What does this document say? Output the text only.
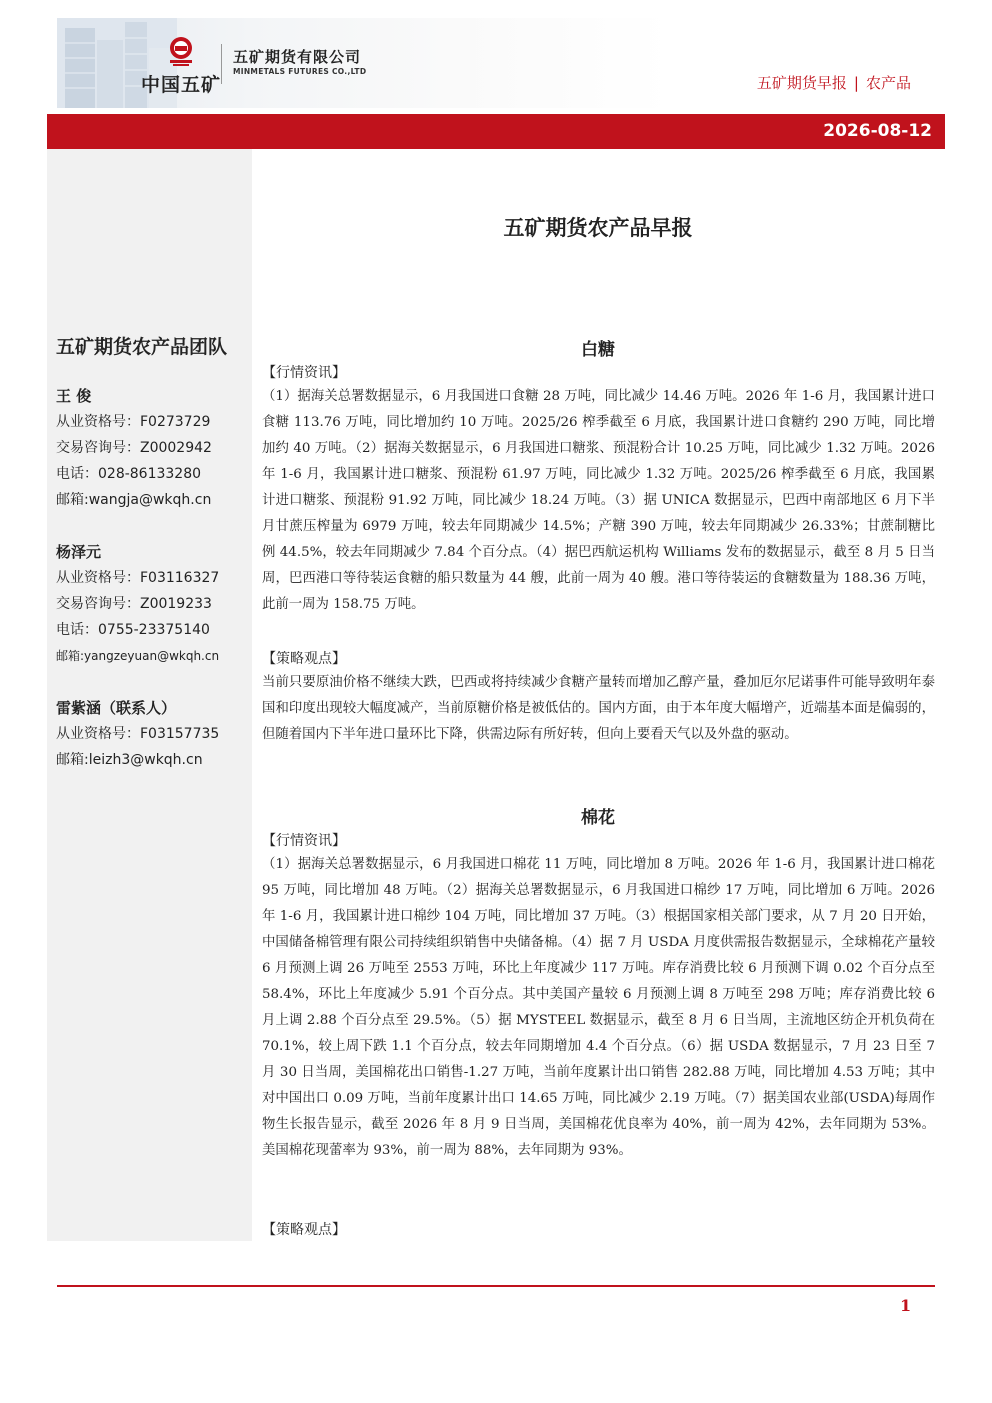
中国五矿
五矿期货有限公司
MINMETALS FUTURES CO.,LTD
五矿期货早报 | 农产品
2026-08-12
五矿期货农产品团队
王 俊
从业资格号：F0273729
交易咨询号：Z0002942
电话：028-86133280
邮箱:wangja@wkqh.cn
杨泽元
从业资格号：F03116327
交易咨询号：Z0019233
电话：0755-23375140
邮箱:yangzeyuan@wkqh.cn
雷紫涵（联系人）
从业资格号：F03157735
邮箱:leizh3@wkqh.cn
五矿期货农产品早报
白糖
【行情资讯】
（1）据海关总署数据显示，6 月我国进口食糖 28 万吨，同比减少 14.46 万吨。2026 年 1-6 月，我国累计进口食糖 113.76 万吨，同比增加约 10 万吨。2025/26 榨季截至 6 月底，我国累计进口食糖约 290 万吨，同比增加约 40 万吨。（2）据海关数据显示，6 月我国进口糖浆、预混粉合计 10.25 万吨，同比减少 1.32 万吨。2026 年 1-6 月，我国累计进口糖浆、预混粉 61.97 万吨，同比减少 1.32 万吨。2025/26 榨季截至 6 月底，我国累计进口糖浆、预混粉 91.92 万吨，同比减少 18.24 万吨。（3）据 UNICA 数据显示，巴西中南部地区 6 月下半月甘蔗压榨量为 6979 万吨，较去年同期减少 14.5%；产糖 390 万吨，较去年同期减少 26.33%；甘蔗制糖比例 44.5%，较去年同期减少 7.84 个百分点。（4）据巴西航运机构 Williams 发布的数据显示，截至 8 月 5 日当周，巴西港口等待装运食糖的船只数量为 44 艘，此前一周为 40 艘。港口等待装运的食糖数量为 188.36 万吨，此前一周为 158.75 万吨。
【策略观点】
当前只要原油价格不继续大跌，巴西或将持续减少食糖产量转而增加乙醇产量，叠加厄尔尼诺事件可能导致明年泰国和印度出现较大幅度减产，当前原糖价格是被低估的。国内方面，由于本年度大幅增产，近端基本面是偏弱的，但随着国内下半年进口量环比下降，供需边际有所好转，但向上要看天气以及外盘的驱动。
棉花
【行情资讯】
（1）据海关总署数据显示，6 月我国进口棉花 11 万吨，同比增加 8 万吨。2026 年 1-6 月，我国累计进口棉花 95 万吨，同比增加 48 万吨。（2）据海关总署数据显示，6 月我国进口棉纱 17 万吨，同比增加 6 万吨。2026 年 1-6 月，我国累计进口棉纱 104 万吨，同比增加 37 万吨。（3）根据国家相关部门要求，从 7 月 20 日开始，中国储备棉管理有限公司持续组织销售中央储备棉。（4）据 7 月 USDA 月度供需报告数据显示，全球棉花产量较 6 月预测上调 26 万吨至 2553 万吨，环比上年度减少 117 万吨。库存消费比较 6 月预测下调 0.02 个百分点至 58.4%，环比上年度减少 5.91 个百分点。其中美国产量较 6 月预测上调 8 万吨至 298 万吨；库存消费比较 6 月上调 2.88 个百分点至 29.5%。（5）据 MYSTEEL 数据显示，截至 8 月 6 日当周，主流地区纺企开机负荷在 70.1%，较上周下跌 1.1 个百分点，较去年同期增加 4.4 个百分点。（6）据 USDA 数据显示，7 月 23 日至 7 月 30 日当周，美国棉花出口销售-1.27 万吨，当前年度累计出口销售 282.88 万吨，同比增加 4.53 万吨；其中对中国出口 0.09 万吨，当前年度累计出口 14.65 万吨，同比减少 2.19 万吨。（7）据美国农业部(USDA)每周作物生长报告显示，截至 2026 年 8 月 9 日当周，美国棉花优良率为 40%，前一周为 42%，去年同期为 53%。美国棉花现蕾率为 93%，前一周为 88%，去年同期为 93%。
【策略观点】
1
